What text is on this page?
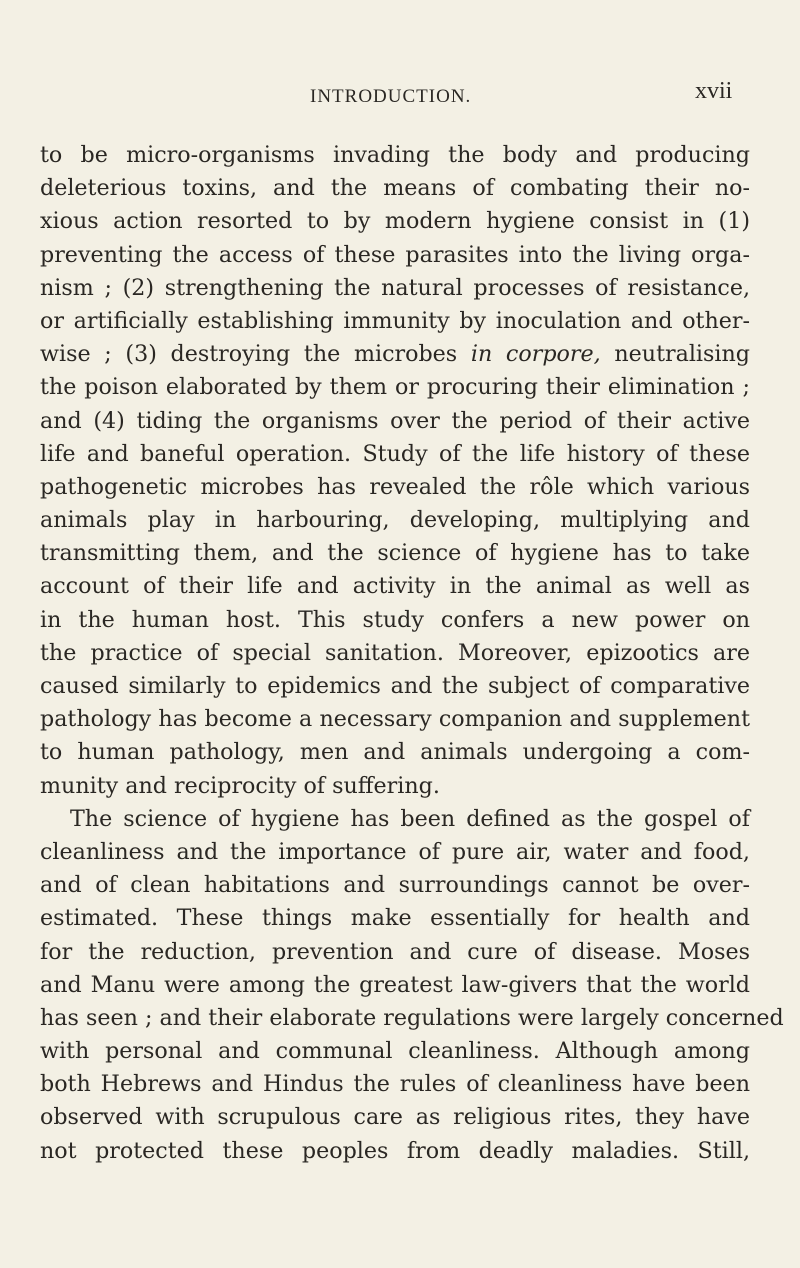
INTRODUCTION.	xvii
to be micro-organisms invading the body and producing
deleterious toxins, and the means of combating their no-
xious action resorted to by modern hygiene consist in (1)
preventing the access of these parasites into the living orga-
nism ; (2) strengthening the natural processes of resistance,
or artificially establishing immunity by inoculation and other-
wise ; (3) destroying the microbes in corpore, neutralising
the poison elaborated by them or procuring their elimination ;
and (4) tiding the organisms over the period of their active
life and baneful operation. Study of the life history of these
pathogenetic microbes has revealed the rôle which various
animals play in harbouring, developing, multiplying and
transmitting them, and the science of hygiene has to take
account of their life and activity in the animal as well as
in the human host. This study confers a new power on
the practice of special sanitation. Moreover, epizootics are
caused similarly to epidemics and the subject of comparative
pathology has become a necessary companion and supplement
to human pathology, men and animals undergoing a com-
munity and reciprocity of suffering.
The science of hygiene has been defined as the gospel of
cleanliness and the importance of pure air, water and food,
and of clean habitations and surroundings cannot be over-
estimated. These things make essentially for health and
for the reduction, prevention and cure of disease. Moses
and Manu were among the greatest law-givers that the world
has seen ; and their elaborate regulations were largely concerned
with personal and communal cleanliness. Although among
both Hebrews and Hindus the rules of cleanliness have been
observed with scrupulous care as religious rites, they have
not protected these peoples from deadly maladies. Still,
